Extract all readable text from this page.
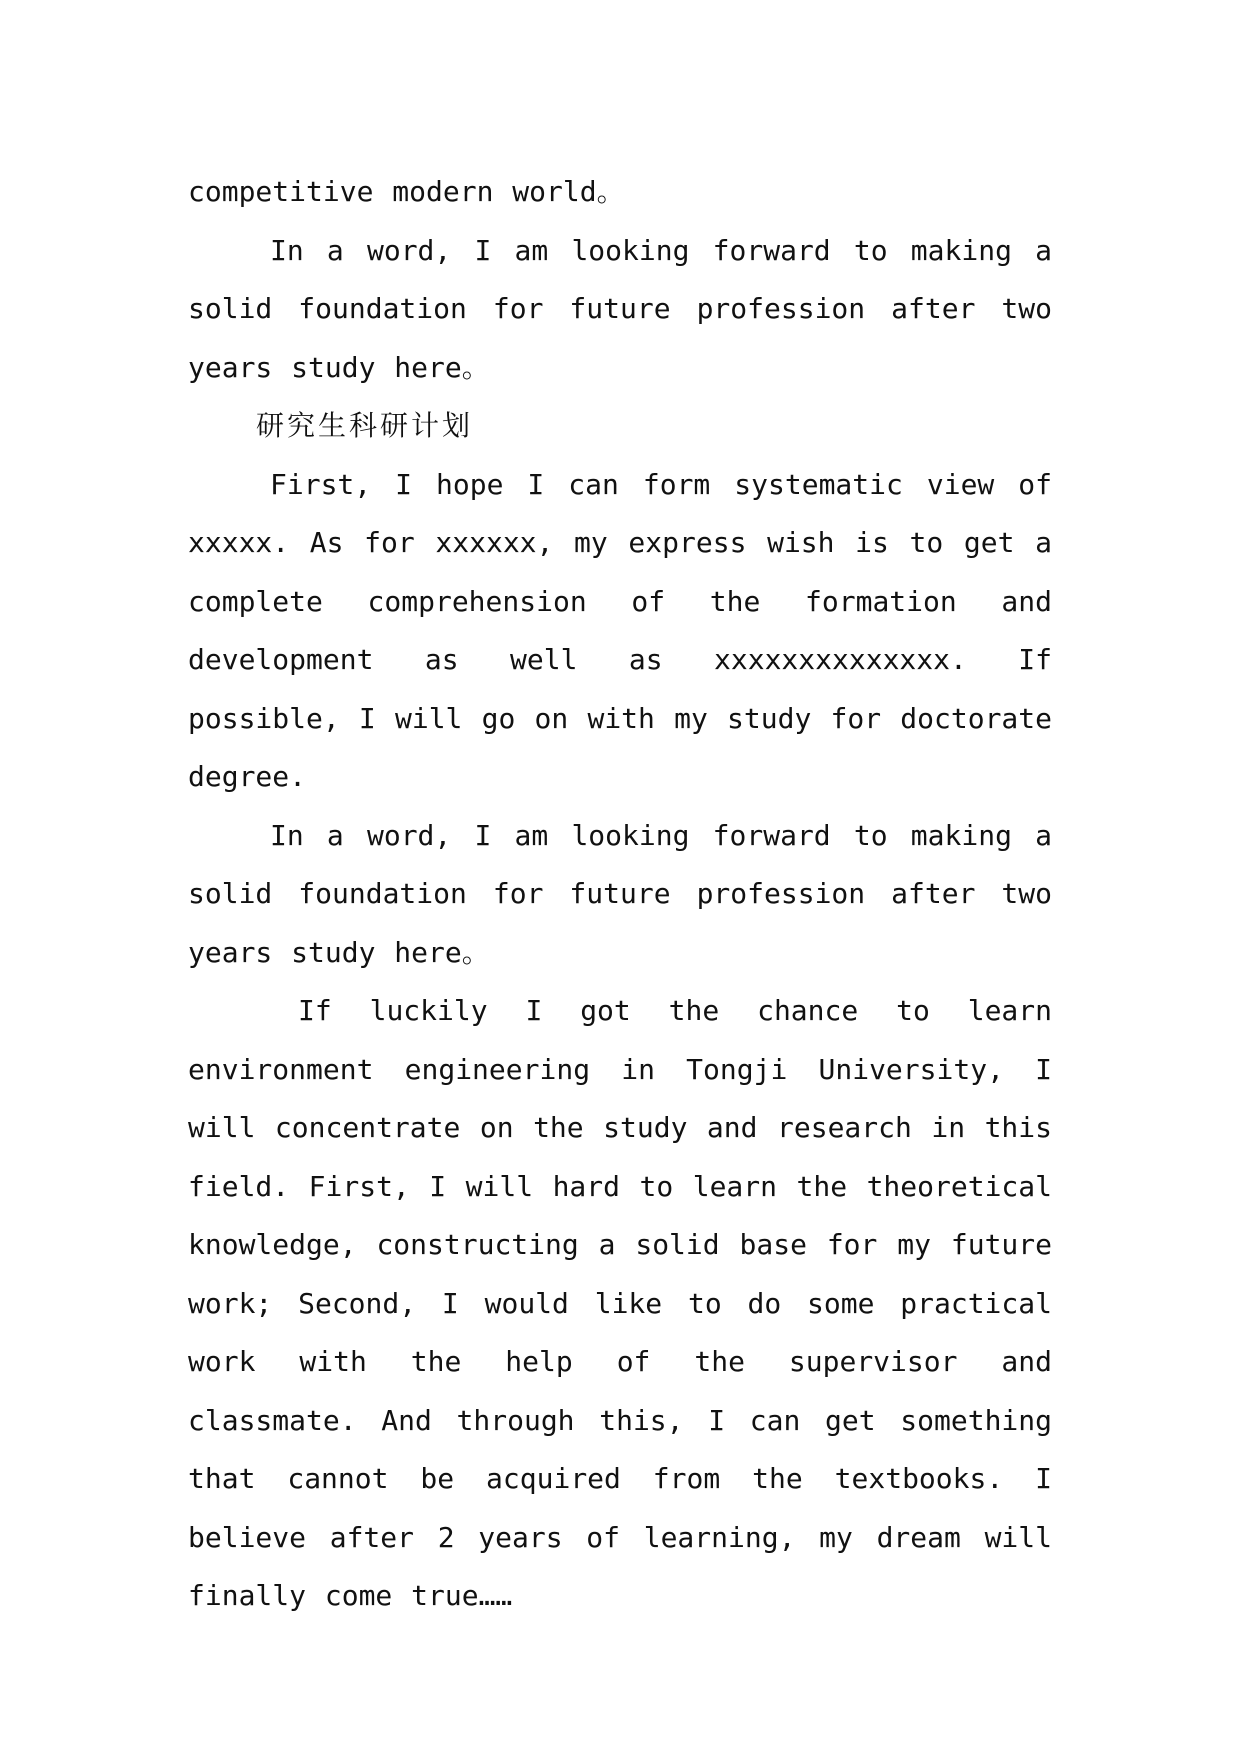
competitive modern world。

In a word, I am looking forward to making a solid foundation for future profession after two years study here。

研究生科研计划

First, I hope I can form systematic view of xxxxx. As for xxxxxx, my express wish is to get a complete comprehension of the formation and development as well as xxxxxxxxxxxxxx. If possible, I will go on with my study for doctorate degree.

In a word, I am looking forward to making a solid foundation for future profession after two years study here。

If luckily I got the chance to learn environment engineering in Tongji University, I will concentrate on the study and research in this field. First, I will hard to learn the theoretical knowledge, constructing a solid base for my future work; Second, I would like to do some practical work with the help of the supervisor and classmate. And through this, I can get something that cannot be acquired from the textbooks. I believe after 2 years of learning, my dream will finally come true……
